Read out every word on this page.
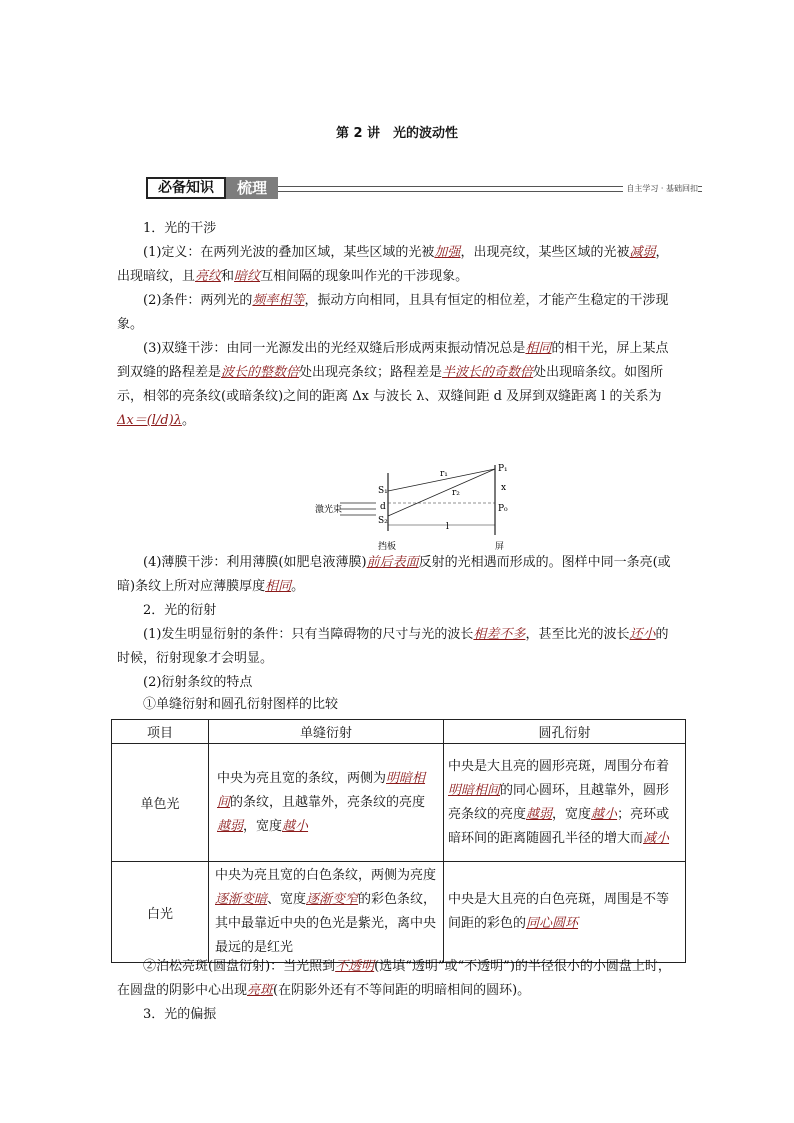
第 2 讲　光的波动性
必备知识	梳理	自主学习 · 基础回扣

1．光的干涉

(1)定义：在两列光波的叠加区域，某些区域的光被加强，出现亮纹，某些区域的光被减弱，出现暗纹，且亮纹和暗纹互相间隔的现象叫作光的干涉现象。

(2)条件：两列光的频率相等，振动方向相同，且具有恒定的相位差，才能产生稳定的干涉现象。

(3)双缝干涉：由同一光源发出的光经双缝后形成两束振动情况总是相同的相干光，屏上某点到双缝的路程差是波长的整数倍处出现亮条纹；路程差是半波长的奇数倍处出现暗条纹。如图所示，相邻的亮条纹(或暗条纹)之间的距离 Δx 与波长 λ、双缝间距 d 及屏到双缝距离 l 的关系为Δx＝(l/d)λ。

激光束
S₁
S₂
d
r₁
r₂
P₁
P₀
x
l
挡板	屏

(4)薄膜干涉：利用薄膜(如肥皂液薄膜)前后表面反射的光相遇而形成的。图样中同一条亮(或暗)条纹上所对应薄膜厚度相同。

2．光的衍射

(1)发生明显衍射的条件：只有当障碍物的尺寸与光的波长相差不多，甚至比光的波长还小的时候，衍射现象才会明显。

(2)衍射条纹的特点

①单缝衍射和圆孔衍射图样的比较

项目	单缝衍射	圆孔衍射
单色光	中央为亮且宽的条纹，两侧为明暗相间的条纹，且越靠外，亮条纹的亮度越弱，宽度越小	中央是大且亮的圆形亮斑，周围分布着明暗相间的同心圆环，且越靠外，圆形亮条纹的亮度越弱，宽度越小；亮环或暗环间的距离随圆孔半径的增大而减小
白光	中央为亮且宽的白色条纹，两侧为亮度逐渐变暗、宽度逐渐变窄的彩色条纹，其中最靠近中央的色光是紫光，离中央最远的是红光	中央是大且亮的白色亮斑，周围是不等间距的彩色的同心圆环

②泊松亮斑(圆盘衍射)：当光照到不透明(选填“透明”或“不透明”)的半径很小的小圆盘上时，在圆盘的阴影中心出现亮斑(在阴影外还有不等间距的明暗相间的圆环)。

3．光的偏振
